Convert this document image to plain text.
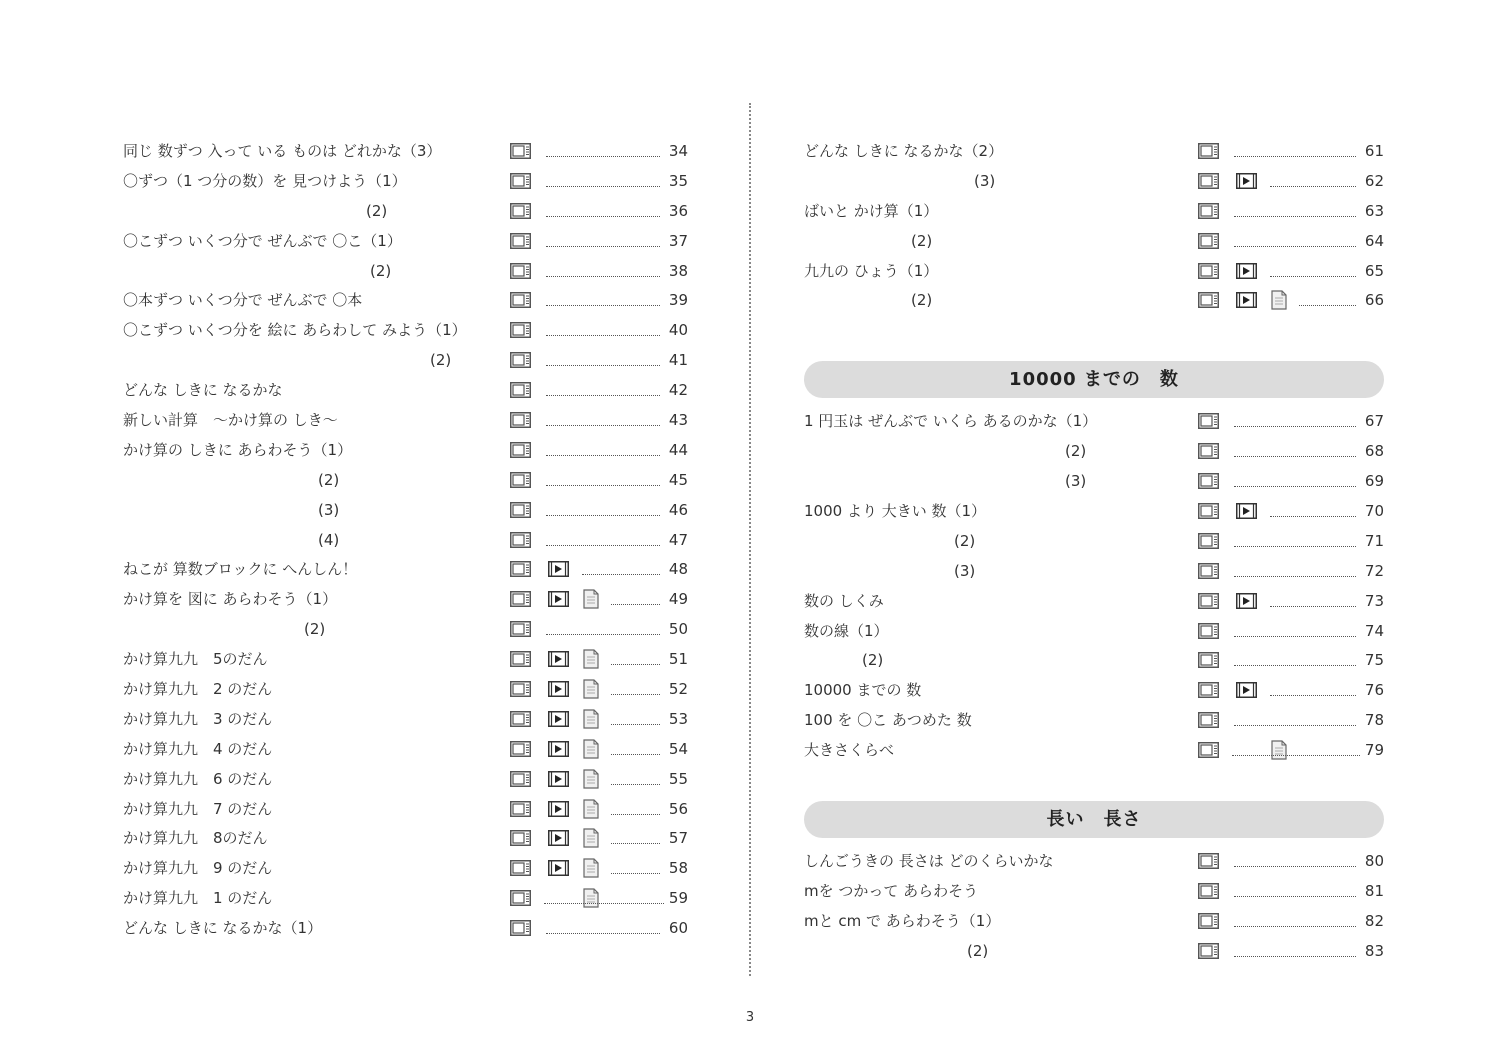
同じ 数ずつ 入って いる ものは どれかな（3）	34
〇ずつ（1 つ分の数）を 見つけよう（1）	35
(2)	36
〇こずつ いくつ分で ぜんぶで 〇こ（1）	37
(2)	38
〇本ずつ いくつ分で ぜんぶで 〇本	39
〇こずつ いくつ分を 絵に あらわして みよう（1）	40
(2)	41
どんな しきに なるかな	42
新しい計算　～かけ算の しき～	43
かけ算の しきに あらわそう（1）	44
(2)	45
(3)	46
(4)	47
ねこが 算数ブロックに へんしん！	48
かけ算を 図に あらわそう（1）	49
(2)	50
かけ算九九　5のだん	51
かけ算九九　2 のだん	52
かけ算九九　3 のだん	53
かけ算九九　4 のだん	54
かけ算九九　6 のだん	55
かけ算九九　7 のだん	56
かけ算九九　8のだん	57
かけ算九九　9 のだん	58
かけ算九九　1 のだん	59
どんな しきに なるかな（1）	60
どんな しきに なるかな（2）	61
(3)	62
ばいと かけ算（1）	63
(2)	64
九九の ひょう（1）	65
(2)	66
10000 までの　数
1 円玉は ぜんぶで いくら あるのかな（1）	67
(2)	68
(3)	69
1000 より 大きい 数（1）	70
(2)	71
(3)	72
数の しくみ	73
数の線（1）	74
(2)	75
10000 までの 数	76
100 を 〇こ あつめた 数	78
大きさくらべ	79
長い　長さ
しんごうきの 長さは どのくらいかな	80
mを つかって あらわそう	81
mと cm で あらわそう（1）	82
(2)	83
3
